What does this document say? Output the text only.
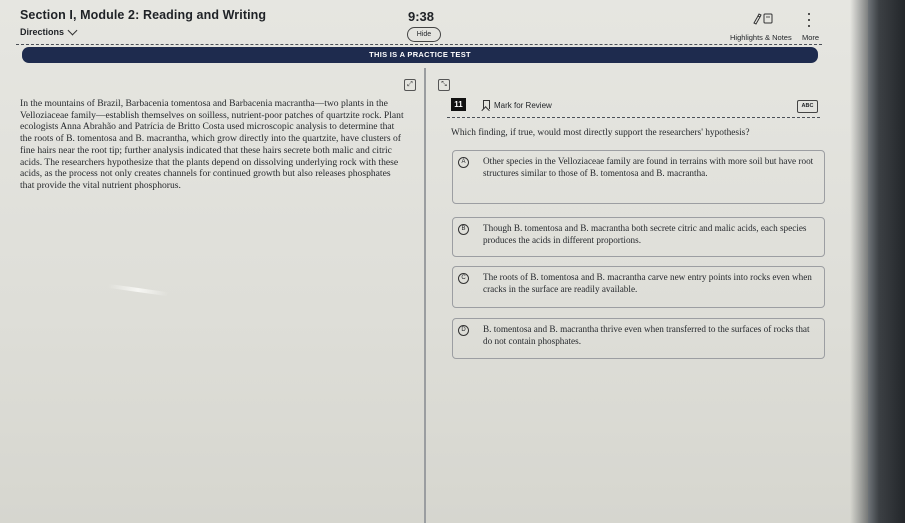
Section I, Module 2: Reading and Writing	9:38
Directions	Hide	Highlights & Notes More
THIS IS A PRACTICE TEST
⤢	⤡

In the mountains of Brazil, Barbacenia tomentosa and Barbacenia macrantha—two plants in the Velloziaceae family—establish themselves on soilless, nutrient-poor patches of quartzite rock. Plant ecologists Anna Abrahão and Patrícia de Britto Costa used microscopic analysis to determine that the roots of B. tomentosa and B. macrantha, which grow directly into the quartzite, have clusters of fine hairs near the root tip; further analysis indicated that these hairs secrete both malic and citric acids. The researchers hypothesize that the plants depend on dissolving underlying rock with these acids, as the process not only creates channels for continued growth but also releases phosphates that provide the vital nutrient phosphorus.

11	Mark for Review	ABC
Which finding, if true, would most directly support the researchers' hypothesis?
A	Other species in the Velloziaceae family are found in terrains with more soil but have root structures similar to those of B. tomentosa and B. macrantha.
B	Though B. tomentosa and B. macrantha both secrete citric and malic acids, each species produces the acids in different proportions.
C	The roots of B. tomentosa and B. macrantha carve new entry points into rocks even when cracks in the surface are readily available.
D	B. tomentosa and B. macrantha thrive even when transferred to the surfaces of rocks that do not contain phosphates.
